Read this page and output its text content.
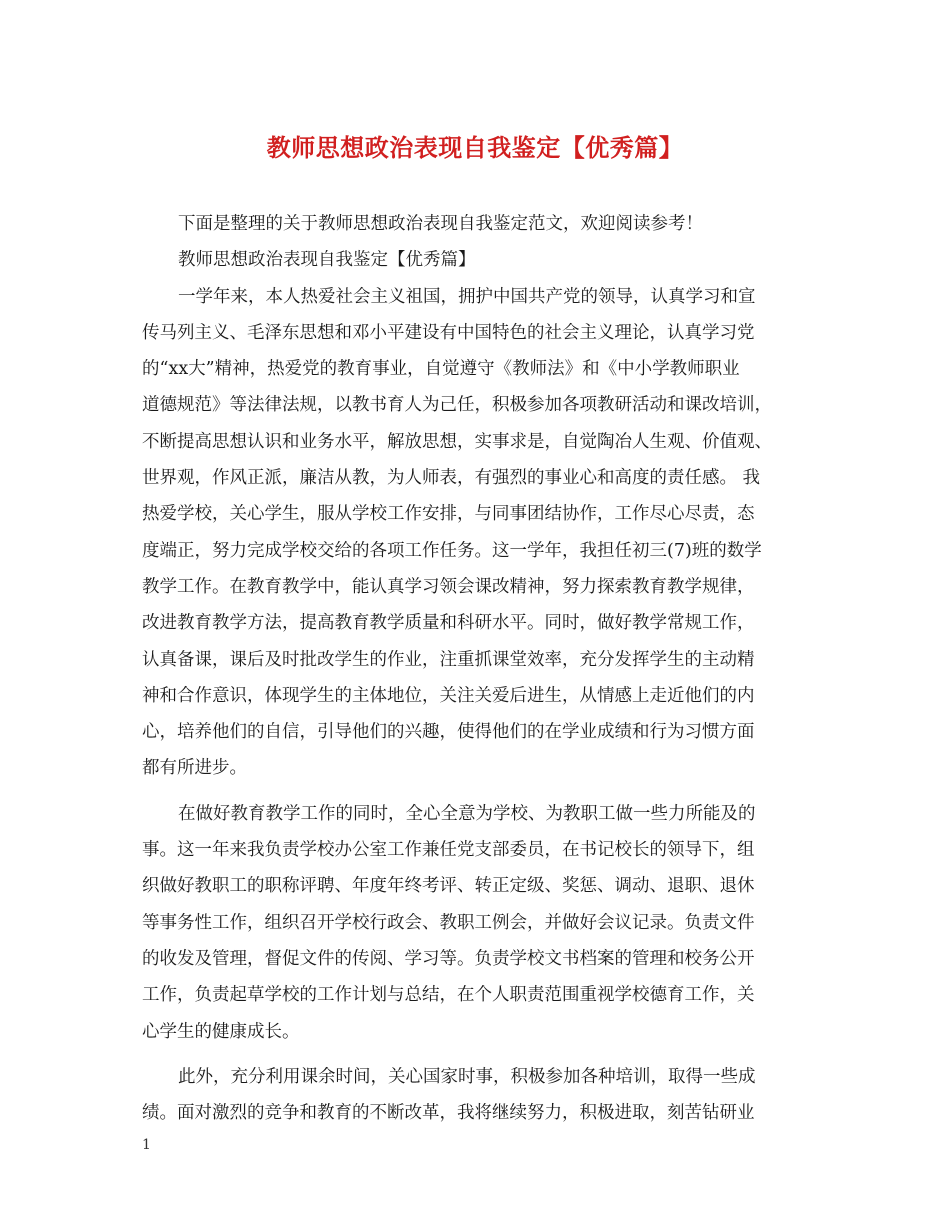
教师思想政治表现自我鉴定【优秀篇】
下面是整理的关于教师思想政治表现自我鉴定范文，欢迎阅读参考！
教师思想政治表现自我鉴定【优秀篇】
一学年来，本人热爱社会主义祖国，拥护中国共产党的领导，认真学习和宣
传马列主义、毛泽东思想和邓小平建设有中国特色的社会主义理论，认真学习党
的“xx大”精神，热爱党的教育事业，自觉遵守《教师法》和《中小学教师职业
道德规范》等法律法规，以教书育人为己任，积极参加各项教研活动和课改培训，
不断提高思想认识和业务水平，解放思想，实事求是，自觉陶冶人生观、价值观、
世界观，作风正派，廉洁从教，为人师表，有强烈的事业心和高度的责任感。 我
热爱学校，关心学生，服从学校工作安排，与同事团结协作，工作尽心尽责，态
度端正，努力完成学校交给的各项工作任务。这一学年，我担任初三(7)班的数学
教学工作。在教育教学中，能认真学习领会课改精神，努力探索教育教学规律，
改进教育教学方法，提高教育教学质量和科研水平。同时，做好教学常规工作，
认真备课，课后及时批改学生的作业，注重抓课堂效率，充分发挥学生的主动精
神和合作意识，体现学生的主体地位，关注关爱后进生，从情感上走近他们的内
心，培养他们的自信，引导他们的兴趣，使得他们的在学业成绩和行为习惯方面
都有所进步。
在做好教育教学工作的同时，全心全意为学校、为教职工做一些力所能及的
事。这一年来我负责学校办公室工作兼任党支部委员，在书记校长的领导下，组
织做好教职工的职称评聘、年度年终考评、转正定级、奖惩、调动、退职、退休
等事务性工作，组织召开学校行政会、教职工例会，并做好会议记录。负责文件
的收发及管理，督促文件的传阅、学习等。负责学校文书档案的管理和校务公开
工作，负责起草学校的工作计划与总结，在个人职责范围重视学校德育工作，关
心学生的健康成长。
此外，充分利用课余时间，关心国家时事，积极参加各种培训，取得一些成
绩。面对激烈的竞争和教育的不断改革，我将继续努力，积极进取，刻苦钻研业
1
